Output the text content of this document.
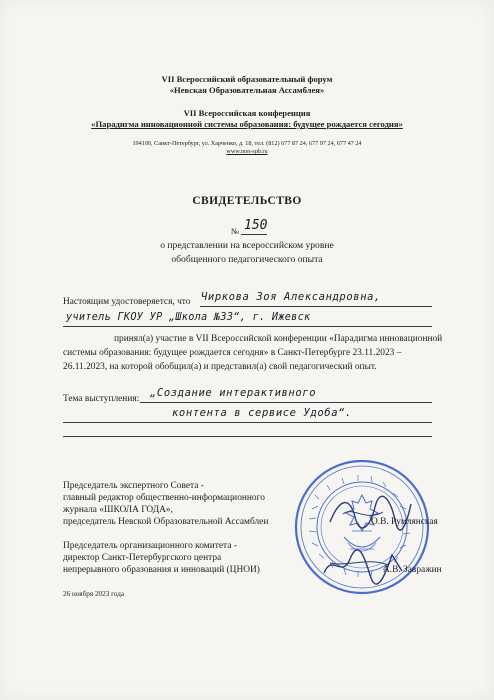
VII Всероссийский образовательный форум
«Невская Образовательная Ассамблея»
VII Всероссийская конференция
«Парадигма инновационной системы образования: будущее рождается сегодня»
194100, Санкт-Петербург, ул. Харченко, д. 18, тел. (812) 677 87 24, 677 97 24, 677 47 24
www.non-spb.ru
СВИДЕТЕЛЬСТВО
№ 150
о представлении на всероссийском уровне
обобщенного педагогического опыта
Настоящим удостоверяется, что Чиркова Зоя Александровна,
учитель ГКОУ УР „Школа №33“, г. Ижевск
принял(а) участие в VII Всероссийской конференции «Парадигма инновационной
системы образования: будущее рождается сегодня» в Санкт-Петербурге 23.11.2023 –
26.11.2023, на которой обобщил(а) и представил(а) свой педагогический опыт.
Тема выступления: „Создание интерактивного
контента в сервисе Удоба“.
Председатель экспертного Совета -
главный редактор общественно-информационного
журнала «ШКОЛА ГОДА»,
председатель Невской Образовательной Ассамблеи	О.В. Румлянская
Председатель организационного комитета -
директор Санкт-Петербургского центра
непрерывного образования и инноваций (ЦНОИ)	А.В. Завражин
26 ноября 2023 года
